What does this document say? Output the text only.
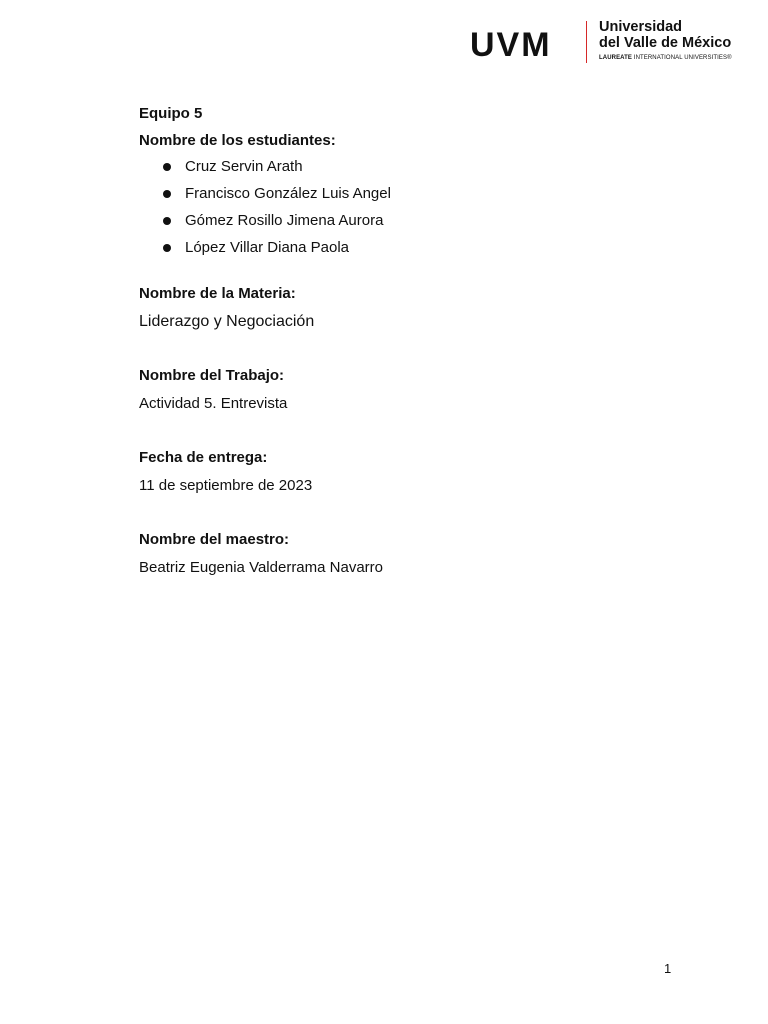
UVM	Universidad
del Valle de México
LAUREATE INTERNATIONAL UNIVERSITIES®
Equipo 5
Nombre de los estudiantes:
Cruz Servin Arath
Francisco González Luis Angel
Gómez Rosillo Jimena Aurora
López Villar Diana Paola
Nombre de la Materia:
Liderazgo y Negociación
Nombre del Trabajo:
Actividad 5. Entrevista
Fecha de entrega:
11 de septiembre de 2023
Nombre del maestro:
Beatriz Eugenia Valderrama Navarro
1
